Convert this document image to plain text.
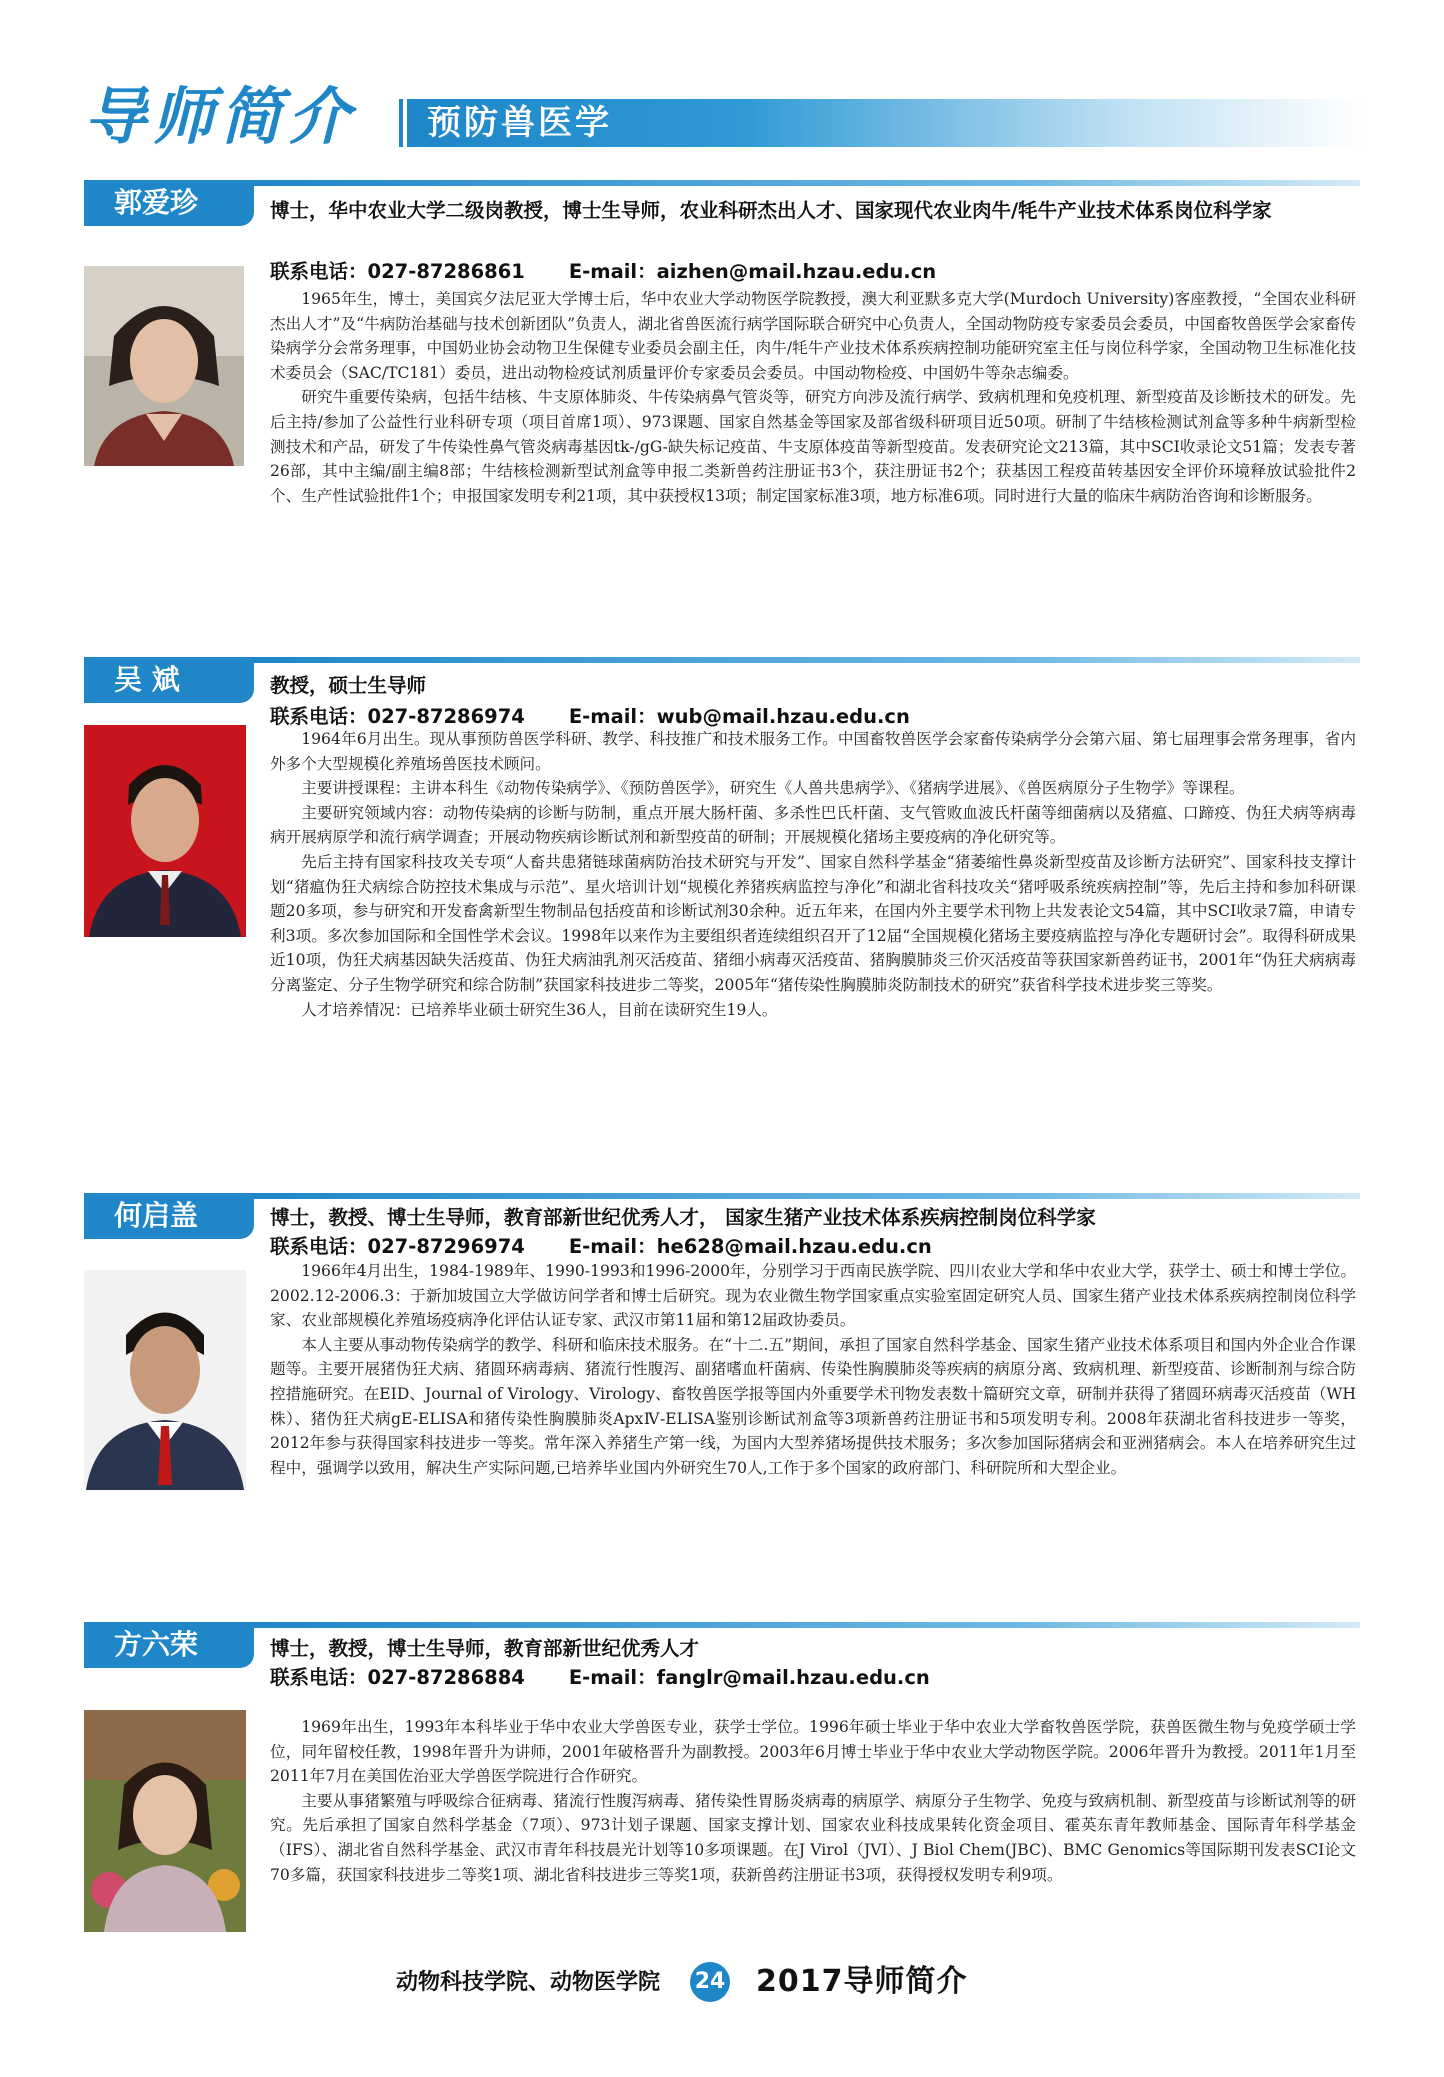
导师简介 预防兽医学
郭爱珍	博士，华中农业大学二级岗教授，博士生导师，农业科研杰出人才、国家现代农业肉牛/牦牛产业技术体系岗位科学家
联系电话：027-87286861 E-mail：aizhen@mail.hzau.edu.cn

1965年生，博士，美国宾夕法尼亚大学博士后，华中农业大学动物医学院教授，澳大利亚默多克大学(Murdoch University)客座教授，“全国农业科研杰出人才”及“牛病防治基础与技术创新团队”负责人，湖北省兽医流行病学国际联合研究中心负责人，全国动物防疫专家委员会委员，中国畜牧兽医学会家畜传染病学分会常务理事，中国奶业协会动物卫生保健专业委员会副主任，肉牛/牦牛产业技术体系疾病控制功能研究室主任与岗位科学家，全国动物卫生标准化技术委员会（SAC/TC181）委员，进出动物检疫试剂质量评价专家委员会委员。中国动物检疫、中国奶牛等杂志编委。

研究牛重要传染病，包括牛结核、牛支原体肺炎、牛传染病鼻气管炎等，研究方向涉及流行病学、致病机理和免疫机理、新型疫苗及诊断技术的研发。先后主持/参加了公益性行业科研专项（项目首席1项）、973课题、国家自然基金等国家及部省级科研项目近50项。研制了牛结核检测试剂盒等多种牛病新型检测技术和产品，研发了牛传染性鼻气管炎病毒基因tk-/gG-缺失标记疫苗、牛支原体疫苗等新型疫苗。发表研究论文213篇，其中SCI收录论文51篇；发表专著26部，其中主编/副主编8部；牛结核检测新型试剂盒等申报二类新兽药注册证书3个，获注册证书2个；获基因工程疫苗转基因安全评价环境释放试验批件2个、生产性试验批件1个；申报国家发明专利21项，其中获授权13项；制定国家标准3项，地方标准6项。同时进行大量的临床牛病防治咨询和诊断服务。

吴 斌	教授，硕士生导师
联系电话：027-87286974 E-mail：wub@mail.hzau.edu.cn

1964年6月出生。现从事预防兽医学科研、教学、科技推广和技术服务工作。中国畜牧兽医学会家畜传染病学分会第六届、第七届理事会常务理事，省内外多个大型规模化养殖场兽医技术顾问。

主要讲授课程：主讲本科生《动物传染病学》、《预防兽医学》，研究生《人兽共患病学》、《猪病学进展》、《兽医病原分子生物学》等课程。

主要研究领域内容：动物传染病的诊断与防制，重点开展大肠杆菌、多杀性巴氏杆菌、支气管败血波氏杆菌等细菌病以及猪瘟、口蹄疫、伪狂犬病等病毒病开展病原学和流行病学调查；开展动物疾病诊断试剂和新型疫苗的研制；开展规模化猪场主要疫病的净化研究等。

先后主持有国家科技攻关专项“人畜共患猪链球菌病防治技术研究与开发”、国家自然科学基金“猪萎缩性鼻炎新型疫苗及诊断方法研究”、国家科技支撑计划“猪瘟伪狂犬病综合防控技术集成与示范”、星火培训计划“规模化养猪疾病监控与净化”和湖北省科技攻关“猪呼吸系统疾病控制”等，先后主持和参加科研课题20多项，参与研究和开发畜禽新型生物制品包括疫苗和诊断试剂30余种。近五年来，在国内外主要学术刊物上共发表论文54篇，其中SCI收录7篇，申请专利3项。多次参加国际和全国性学术会议。1998年以来作为主要组织者连续组织召开了12届“全国规模化猪场主要疫病监控与净化专题研讨会”。取得科研成果近10项，伪狂犬病基因缺失活疫苗、伪狂犬病油乳剂灭活疫苗、猪细小病毒灭活疫苗、猪胸膜肺炎三价灭活疫苗等获国家新兽药证书，2001年“伪狂犬病病毒分离鉴定、分子生物学研究和综合防制”获国家科技进步二等奖，2005年“猪传染性胸膜肺炎防制技术的研究”获省科学技术进步奖三等奖。

人才培养情况：已培养毕业硕士研究生36人，目前在读研究生19人。

何启盖	博士，教授、博士生导师，教育部新世纪优秀人才， 国家生猪产业技术体系疾病控制岗位科学家
联系电话：027-87296974 E-mail：he628@mail.hzau.edu.cn

1966年4月出生，1984-1989年、1990-1993和1996-2000年，分别学习于西南民族学院、四川农业大学和华中农业大学，获学士、硕士和博士学位。2002.12-2006.3：于新加坡国立大学做访问学者和博士后研究。现为农业微生物学国家重点实验室固定研究人员、国家生猪产业技术体系疾病控制岗位科学家、农业部规模化养殖场疫病净化评估认证专家、武汉市第11届和第12届政协委员。

本人主要从事动物传染病学的教学、科研和临床技术服务。在“十二.五”期间，承担了国家自然科学基金、国家生猪产业技术体系项目和国内外企业合作课题等。主要开展猪伪狂犬病、猪圆环病毒病、猪流行性腹泻、副猪嗜血杆菌病、传染性胸膜肺炎等疾病的病原分离、致病机理、新型疫苗、诊断制剂与综合防控措施研究。在EID、Journal of Virology、Virology、畜牧兽医学报等国内外重要学术刊物发表数十篇研究文章，研制并获得了猪圆环病毒灭活疫苗（WH株）、猪伪狂犬病gE-ELISA和猪传染性胸膜肺炎ApxⅣ-ELISA鉴别诊断试剂盒等3项新兽药注册证书和5项发明专利。2008年获湖北省科技进步一等奖，2012年参与获得国家科技进步一等奖。常年深入养猪生产第一线，为国内大型养猪场提供技术服务；多次参加国际猪病会和亚洲猪病会。本人在培养研究生过程中，强调学以致用，解决生产实际问题,已培养毕业国内外研究生70人,工作于多个国家的政府部门、科研院所和大型企业。

方六荣	博士，教授，博士生导师，教育部新世纪优秀人才
联系电话：027-87286884 E-mail：fanglr@mail.hzau.edu.cn

1969年出生，1993年本科毕业于华中农业大学兽医专业，获学士学位。1996年硕士毕业于华中农业大学畜牧兽医学院，获兽医微生物与免疫学硕士学位，同年留校任教，1998年晋升为讲师，2001年破格晋升为副教授。2003年6月博士毕业于华中农业大学动物医学院。2006年晋升为教授。2011年1月至2011年7月在美国佐治亚大学兽医学院进行合作研究。

主要从事猪繁殖与呼吸综合征病毒、猪流行性腹泻病毒、猪传染性胃肠炎病毒的病原学、病原分子生物学、免疫与致病机制、新型疫苗与诊断试剂等的研究。先后承担了国家自然科学基金（7项）、973计划子课题、国家支撑计划、国家农业科技成果转化资金项目、霍英东青年教师基金、国际青年科学基金（IFS）、湖北省自然科学基金、武汉市青年科技晨光计划等10多项课题。在J Virol（JVI）、J Biol Chem(JBC)、BMC Genomics等国际期刊发表SCI论文70多篇，获国家科技进步二等奖1项、湖北省科技进步三等奖1项，获新兽药注册证书3项，获得授权发明专利9项。

动物科技学院、动物医学院 24 2017导师简介
